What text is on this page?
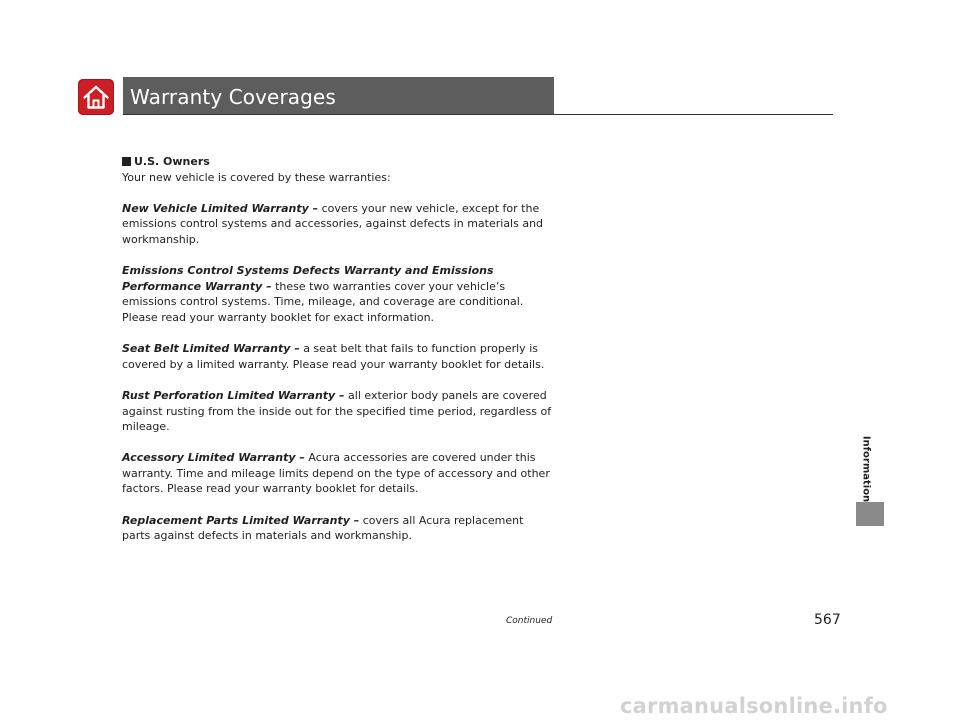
Warranty Coverages
U.S. Owners

Your new vehicle is covered by these warranties:

New Vehicle Limited Warranty – covers your new vehicle, except for the emissions control systems and accessories, against defects in materials and workmanship.

Emissions Control Systems Defects Warranty and Emissions Performance Warranty – these two warranties cover your vehicle’s emissions control systems. Time, mileage, and coverage are conditional. Please read your warranty booklet for exact information.

Seat Belt Limited Warranty – a seat belt that fails to function properly is covered by a limited warranty. Please read your warranty booklet for details.

Rust Perforation Limited Warranty – all exterior body panels are covered against rusting from the inside out for the specified time period, regardless of mileage.

Accessory Limited Warranty – Acura accessories are covered under this warranty. Time and mileage limits depend on the type of accessory and other factors. Please read your warranty booklet for details.

Replacement Parts Limited Warranty – covers all Acura replacement parts against defects in materials and workmanship.

Information
Continued	567
carmanualsonline.info
